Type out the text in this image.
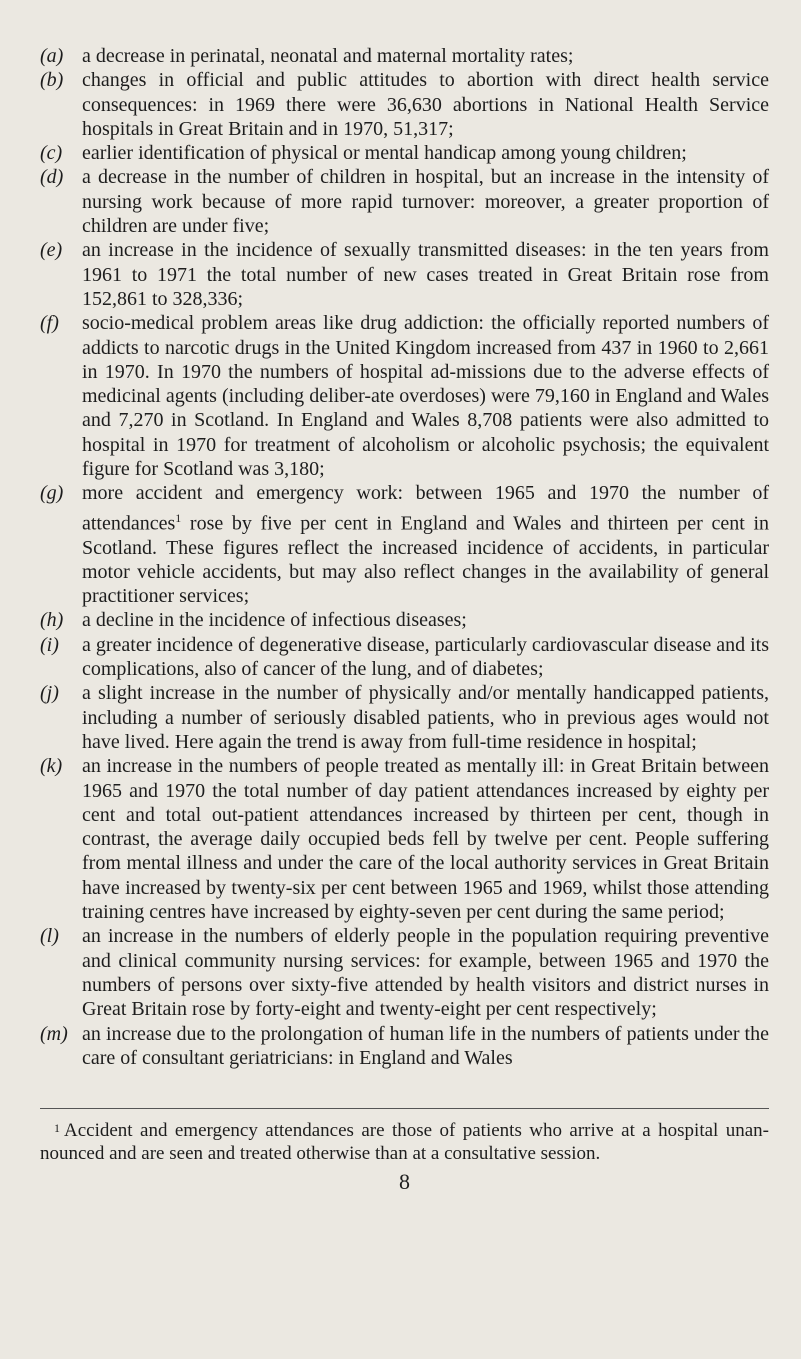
(a) a decrease in perinatal, neonatal and maternal mortality rates;
(b) changes in official and public attitudes to abortion with direct health service consequences: in 1969 there were 36,630 abortions in National Health Service hospitals in Great Britain and in 1970, 51,317;
(c) earlier identification of physical or mental handicap among young children;
(d) a decrease in the number of children in hospital, but an increase in the intensity of nursing work because of more rapid turnover: moreover, a greater proportion of children are under five;
(e) an increase in the incidence of sexually transmitted diseases: in the ten years from 1961 to 1971 the total number of new cases treated in Great Britain rose from 152,861 to 328,336;
(f)	socio-medical problem areas like drug addiction: the officially reported numbers of addicts to narcotic drugs in the United Kingdom increased from 437 in 1960 to 2,661 in 1970. In 1970 the numbers of hospital ad-missions due to the adverse effects of medicinal agents (including deliber-ate overdoses) were 79,160 in England and Wales and 7,270 in Scotland. In England and Wales 8,708 patients were also admitted to hospital in 1970 for treatment of alcoholism or alcoholic psychosis; the equivalent figure for Scotland was 3,180;
(g) more accident and emergency work: between 1965 and 1970 the number of attendances$^1$ rose by five per cent in England and Wales and thirteen per cent in Scotland. These figures reflect the increased incidence of accidents, in particular motor vehicle accidents, but may also reflect changes in the availability of general practitioner services;
(h) a decline in the incidence of infectious diseases;
(i)	a greater incidence of degenerative disease, particularly cardiovascular disease and its complications, also of cancer of the lung, and of diabetes;
(j)	a slight increase in the number of physically and/or mentally handicapped patients, including a number of seriously disabled patients, who in previous ages would not have lived. Here again the trend is away from full-time residence in hospital;
(k) an increase in the numbers of people treated as mentally ill: in Great Britain between 1965 and 1970 the total number of day patient attendances increased by eighty per cent and total out-patient attendances increased by thirteen per cent, though in contrast, the average daily occupied beds fell by twelve per cent. People suffering from mental illness and under the care of the local authority services in Great Britain have increased by twenty-six per cent between 1965 and 1969, whilst those attending training centres have increased by eighty-seven per cent during the same period;
(l)	an increase in the numbers of elderly people in the population requiring preventive and clinical community nursing services: for example, between 1965 and 1970 the numbers of persons over sixty-five attended by health visitors and district nurses in Great Britain rose by forty-eight and twenty-eight per cent respectively;
(m) an increase due to the prolongation of human life in the numbers of patients under the care of consultant geriatricians: in England and Wales

$^1$ Accident and emergency attendances are those of patients who arrive at a hospital unan-nounced and are seen and treated otherwise than at a consultative session.

8
